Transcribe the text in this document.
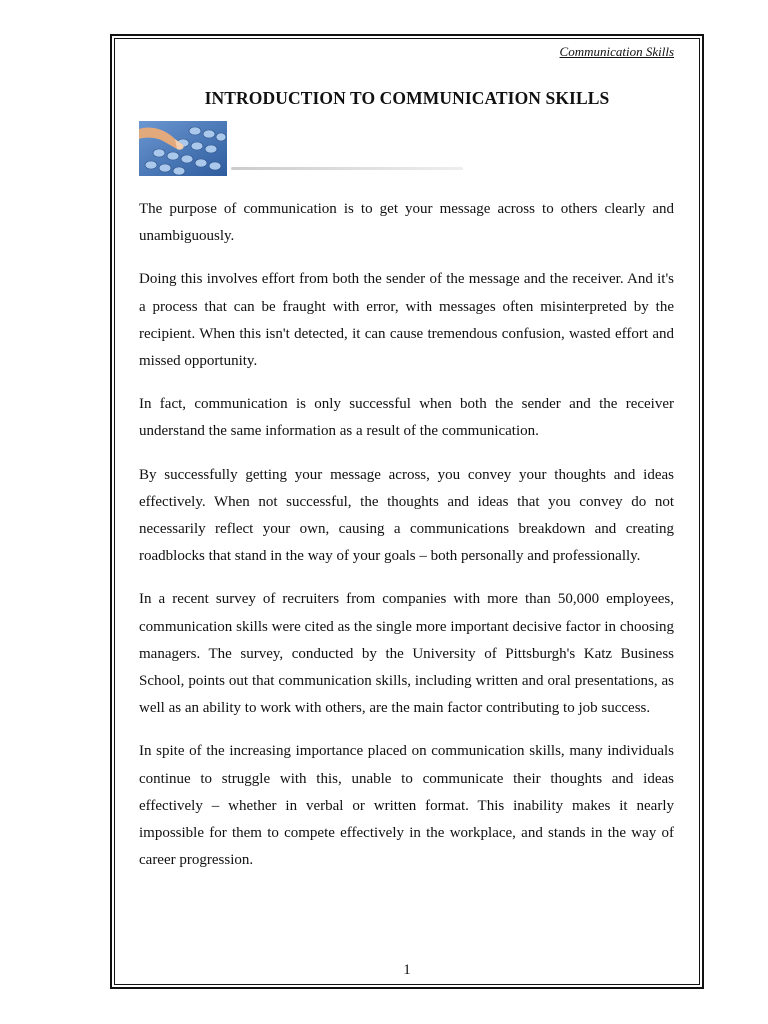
Communication Skills
INTRODUCTION TO COMMUNICATION SKILLS

The purpose of communication is to get your message across to others clearly and unambiguously.

Doing this involves effort from both the sender of the message and the receiver. And it's a process that can be fraught with error, with messages often misinterpreted by the recipient. When this isn't detected, it can cause tremendous confusion, wasted effort and missed opportunity.

In fact, communication is only successful when both the sender and the receiver understand the same information as a result of the communication.

By successfully getting your message across, you convey your thoughts and ideas effectively. When not successful, the thoughts and ideas that you convey do not necessarily reflect your own, causing a communications breakdown and creating roadblocks that stand in the way of your goals – both personally and professionally.

In a recent survey of recruiters from companies with more than 50,000 employees, communication skills were cited as the single more important decisive factor in choosing managers. The survey, conducted by the University of Pittsburgh's Katz Business School, points out that communication skills, including written and oral presentations, as well as an ability to work with others, are the main factor contributing to job success.

In spite of the increasing importance placed on communication skills, many individuals continue to struggle with this, unable to communicate their thoughts and ideas effectively – whether in verbal or written format. This inability makes it nearly impossible for them to compete effectively in the workplace, and stands in the way of career progression.

1
